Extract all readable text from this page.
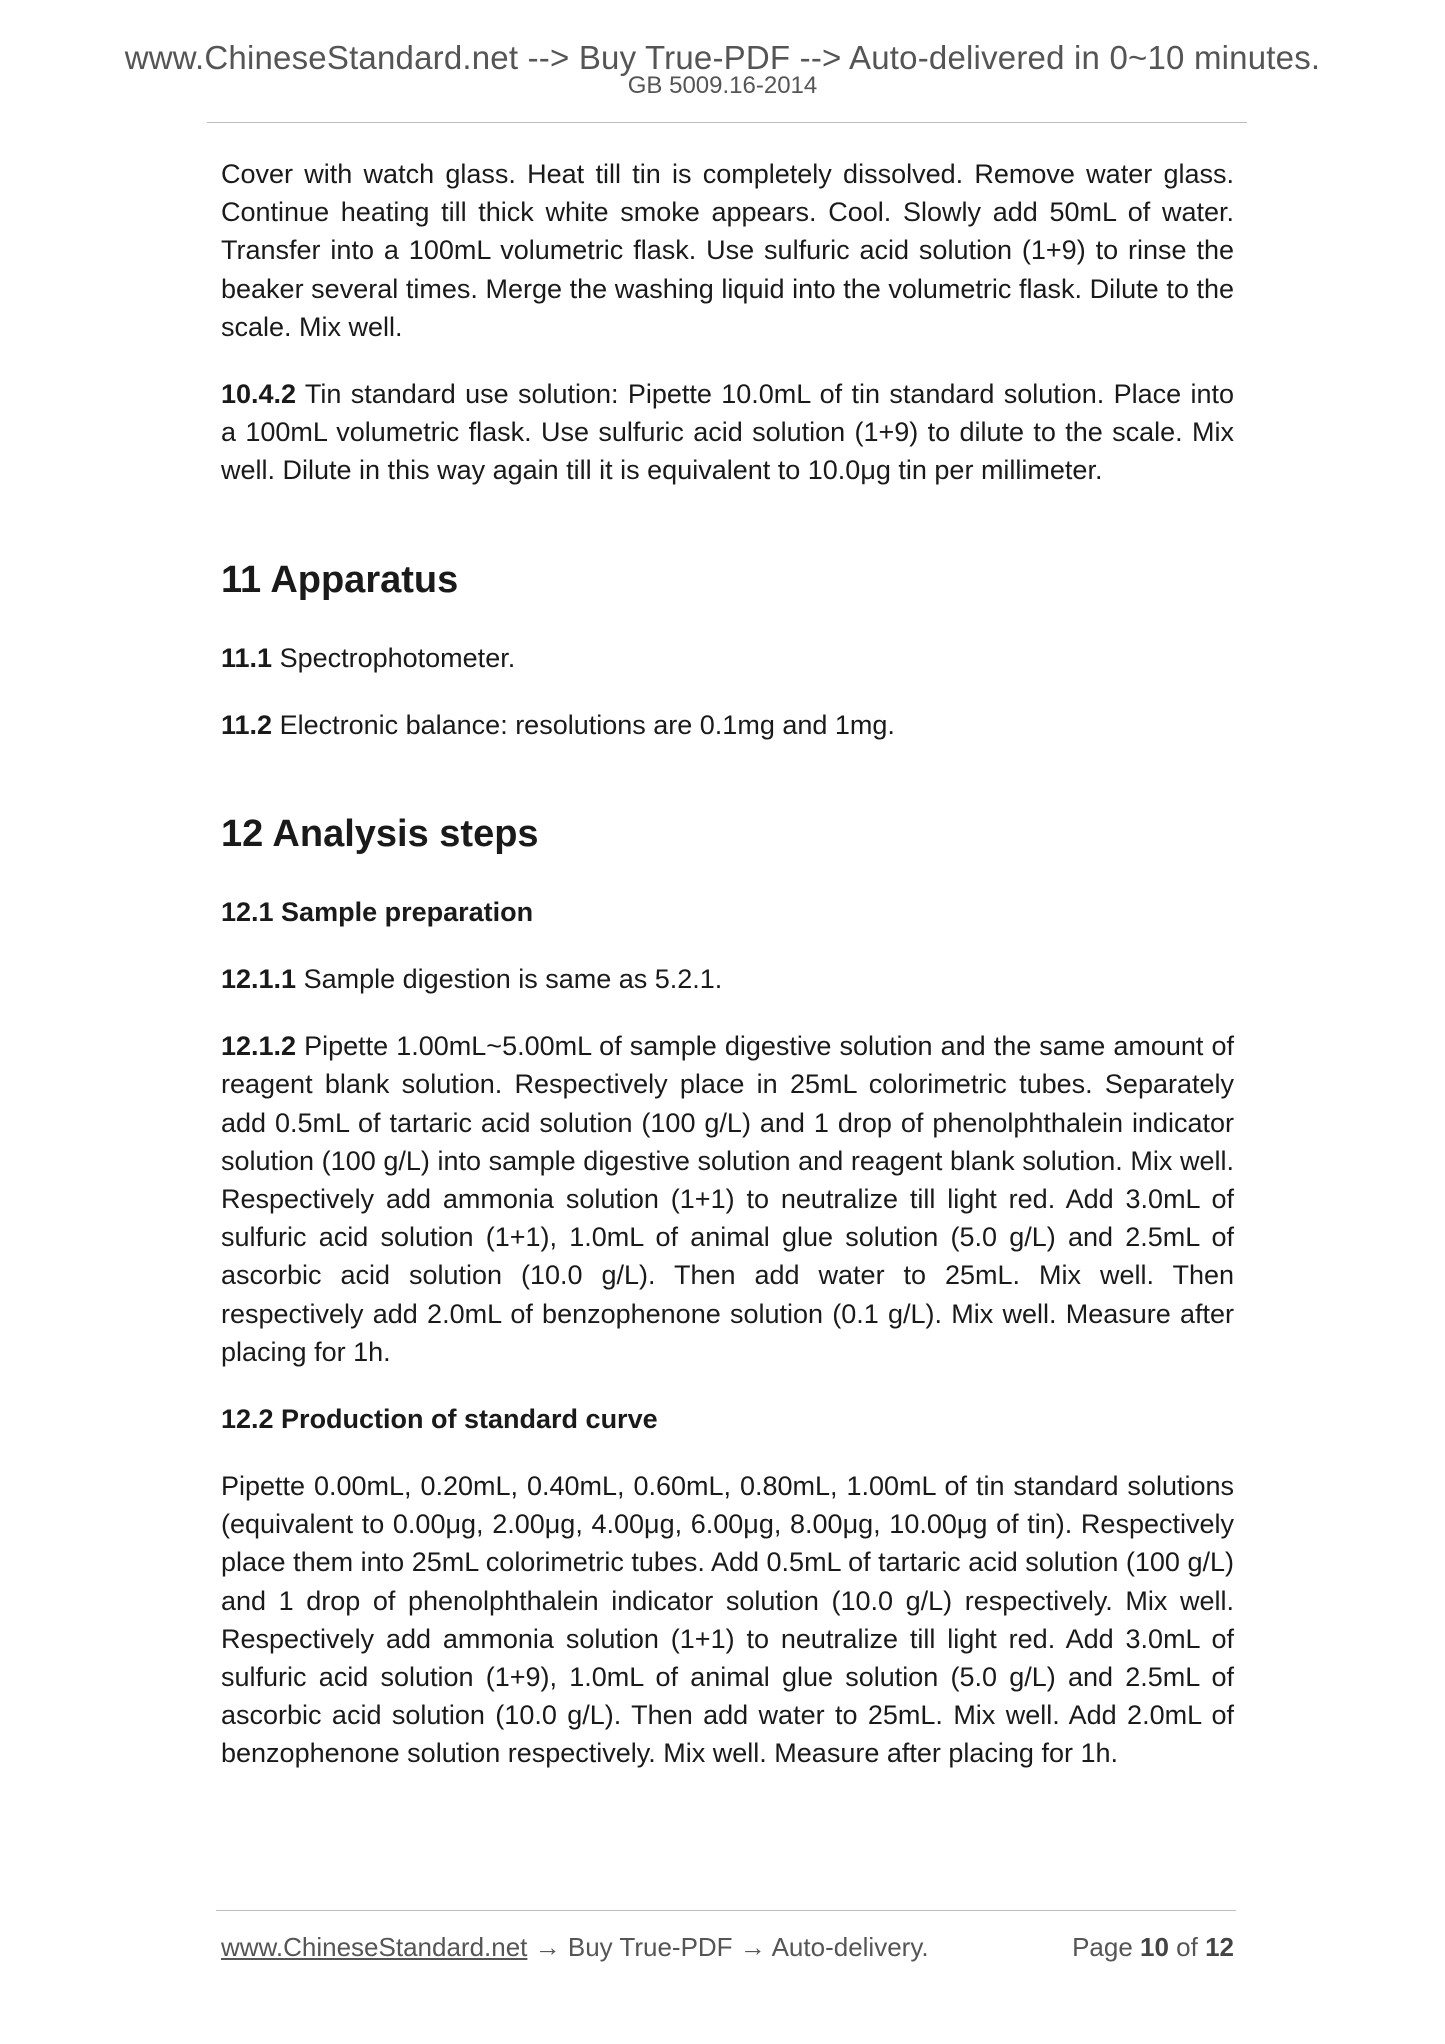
www.ChineseStandard.net --> Buy True-PDF --> Auto-delivered in 0~10 minutes.
GB 5009.16-2014

Cover with watch glass. Heat till tin is completely dissolved. Remove water glass. Continue heating till thick white smoke appears. Cool. Slowly add 50mL of water. Transfer into a 100mL volumetric flask. Use sulfuric acid solution (1+9) to rinse the beaker several times. Merge the washing liquid into the volumetric flask. Dilute to the scale. Mix well.

10.4.2 Tin standard use solution: Pipette 10.0mL of tin standard solution. Place into a 100mL volumetric flask. Use sulfuric acid solution (1+9) to dilute to the scale. Mix well. Dilute in this way again till it is equivalent to 10.0μg tin per millimeter.

11 Apparatus

11.1 Spectrophotometer.

11.2 Electronic balance: resolutions are 0.1mg and 1mg.

12 Analysis steps
12.1 Sample preparation

12.1.1 Sample digestion is same as 5.2.1.

12.1.2 Pipette 1.00mL~5.00mL of sample digestive solution and the same amount of reagent blank solution. Respectively place in 25mL colorimetric tubes. Separately add 0.5mL of tartaric acid solution (100 g/L) and 1 drop of phenolphthalein indicator solution (100 g/L) into sample digestive solution and reagent blank solution. Mix well. Respectively add ammonia solution (1+1) to neutralize till light red. Add 3.0mL of sulfuric acid solution (1+1), 1.0mL of animal glue solution (5.0 g/L) and 2.5mL of ascorbic acid solution (10.0 g/L). Then add water to 25mL. Mix well. Then respectively add 2.0mL of benzophenone solution (0.1 g/L). Mix well. Measure after placing for 1h.

12.2 Production of standard curve

Pipette 0.00mL, 0.20mL, 0.40mL, 0.60mL, 0.80mL, 1.00mL of tin standard solutions (equivalent to 0.00μg, 2.00μg, 4.00μg, 6.00μg, 8.00μg, 10.00μg of tin). Respectively place them into 25mL colorimetric tubes. Add 0.5mL of tartaric acid solution (100 g/L) and 1 drop of phenolphthalein indicator solution (10.0 g/L) respectively. Mix well. Respectively add ammonia solution (1+1) to neutralize till light red. Add 3.0mL of sulfuric acid solution (1+9), 1.0mL of animal glue solution (5.0 g/L) and 2.5mL of ascorbic acid solution (10.0 g/L). Then add water to 25mL. Mix well. Add 2.0mL of benzophenone solution respectively. Mix well. Measure after placing for 1h.

www.ChineseStandard.net → Buy True-PDF → Auto-delivery.	Page 10 of 12
